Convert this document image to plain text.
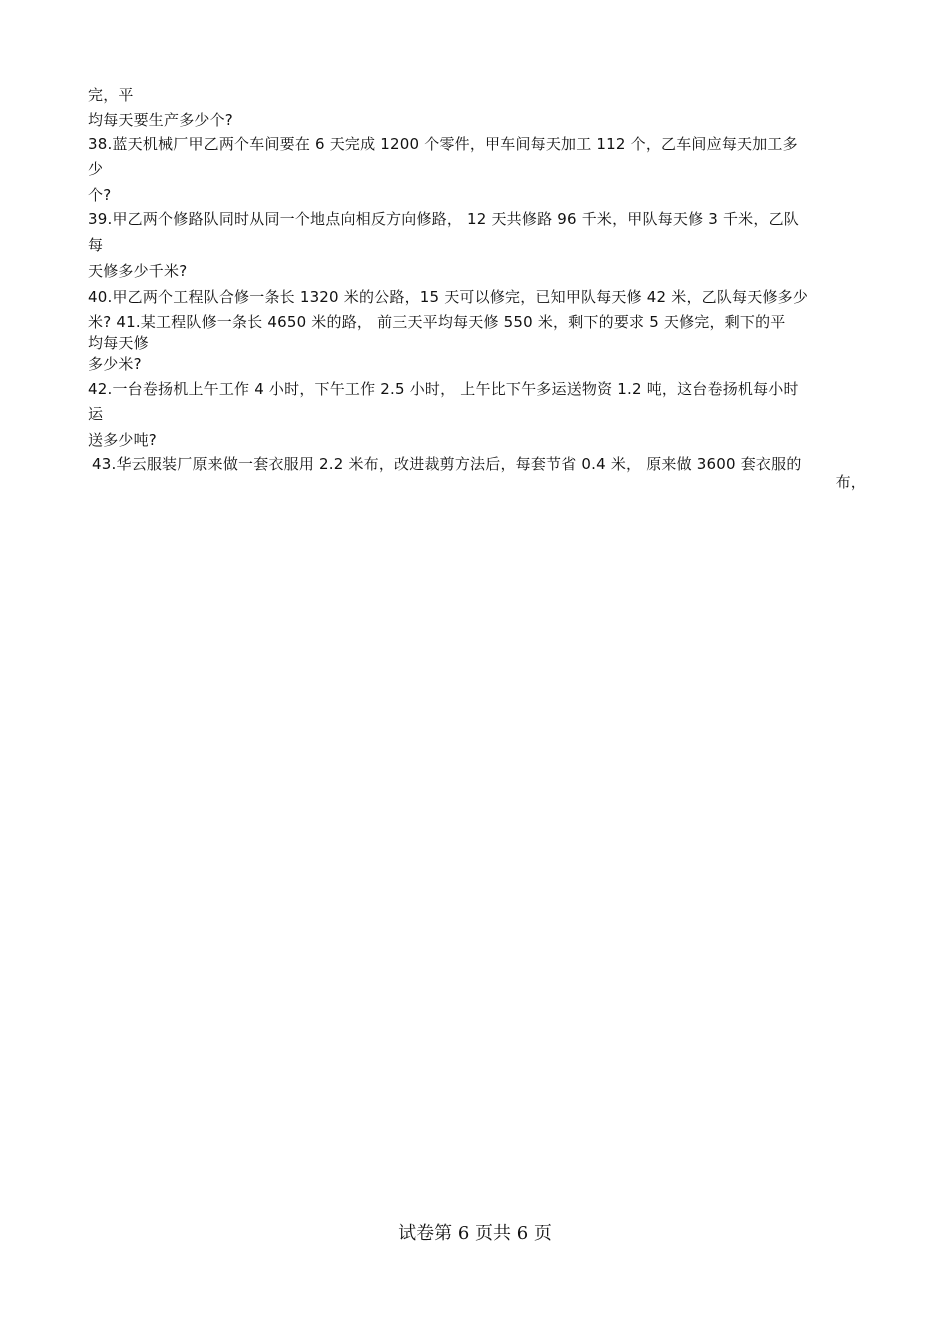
完，平
均每天要生产多少个?
38.蓝天机械厂甲乙两个车间要在 6 天完成 1200 个零件，甲车间每天加工 112 个，乙车间应每天加工多
少
个?
39.甲乙两个修路队同时从同一个地点向相反方向修路， 12 天共修路 96 千米，甲队每天修 3 千米，乙队
每
天修多少千米?
40.甲乙两个工程队合修一条长 1320 米的公路，15 天可以修完，已知甲队每天修 42 米，乙队每天修多少
米? 41.某工程队修一条长 4650 米的路， 前三天平均每天修 550 米，剩下的要求 5 天修完，剩下的平
均每天修
多少米?
42.一台卷扬机上午工作 4 小时，下午工作 2.5 小时， 上午比下午多运送物资 1.2 吨，这台卷扬机每小时
运
送多少吨?
43.华云服装厂原来做一套衣服用 2.2 米布，改进裁剪方法后，每套节省 0.4 米， 原来做 3600 套衣服的
布，
试卷第 6 页共 6 页
